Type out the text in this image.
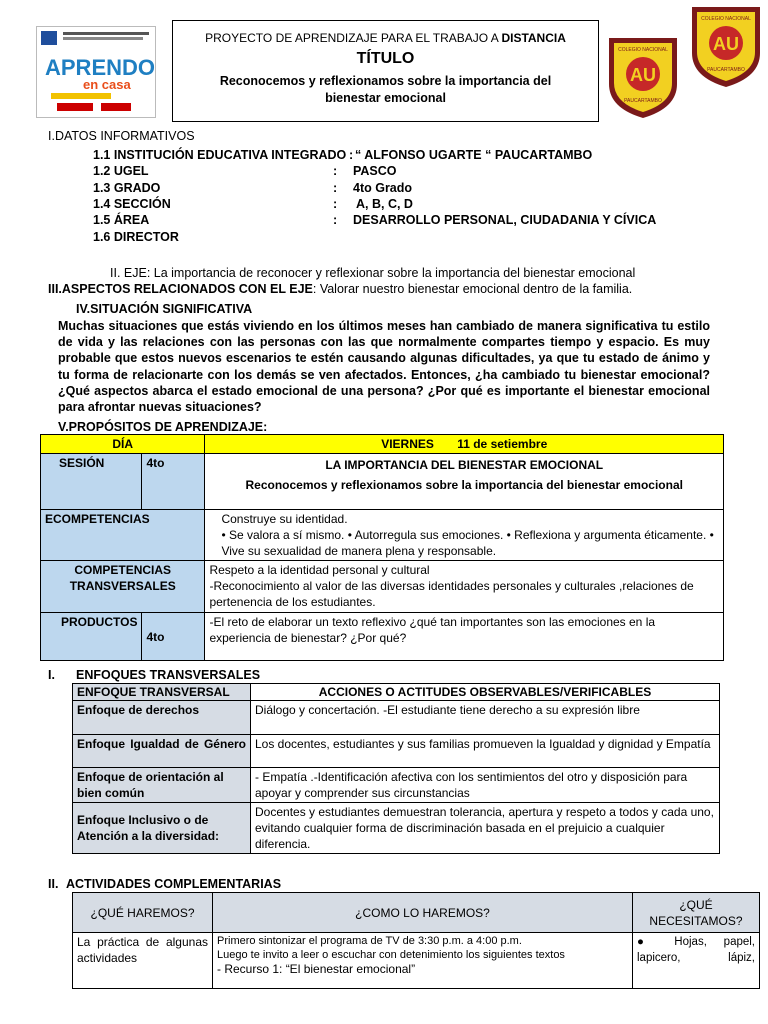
APRENDO
en casa
PROYECTO DE APRENDIZAJE PARA EL TRABAJO A DISTANCIA
TÍTULO
Reconocemos y reflexionamos sobre la importancia del bienestar emocional
AU
COLEGIO NACIONAL
PAUCARTAMBO
AU
COLEGIO NACIONAL
PAUCARTAMBO
I.DATOS INFORMATIVOS
1.1 INSTITUCIÓN EDUCATIVA INTEGRADO : “ ALFONSO UGARTE “ PAUCARTAMBO
1.2 UGEL	: PASCO
1.3 GRADO	: 4to Grado
1.4 SECCIÓN	: A, B, C, D
1.5 ÁREA	: DESARROLLO PERSONAL, CIUDADANIA Y CÍVICA
1.6 DIRECTOR
II. EJE: La importancia de reconocer y reflexionar sobre la importancia del bienestar emocional
III.ASPECTOS RELACIONADOS CON EL EJE: Valorar nuestro bienestar emocional dentro de la familia.
IV.SITUACIÓN SIGNIFICATIVA
Muchas situaciones que estás viviendo en los últimos meses han cambiado de manera significativa tu estilo de vida y las relaciones con las personas con las que normalmente compartes tiempo y espacio. Es muy probable que estos nuevos escenarios te estén causando algunas dificultades, ya que tu estado de ánimo y tu forma de relacionarte con los demás se ven afectados. Entonces, ¿ha cambiado tu bienestar emocional? ¿Qué aspectos abarca el estado emocional de una persona? ¿Por qué es importante el bienestar emocional para afrontar nuevas situaciones?
V.PROPÓSITOS DE APRENDIZAJE:
DÍA		VIERNES       11 de setiembre
SESIÓN	4to	LA IMPORTANCIA DEL BIENESTAR EMOCIONAL
Reconocemos y reflexionamos sobre la importancia del bienestar emocional

ECOMPETENCIAS		Construye su identidad.
• Se valora a sí mismo. • Autorregula sus emociones. • Reflexiona y argumenta éticamente. • Vive su sexualidad de manera plena y responsable.

COMPETENCIAS TRANSVERSALES		Respeto a la identidad personal y cultural
-Reconocimiento al valor de las diversas identidades personales y culturales ,relaciones de pertenencia de los estudiantes.

PRODUCTOS	4to	-El reto de elaborar un texto reflexivo ¿qué tan importantes son las emociones en la experiencia de bienestar? ¿Por qué?
I. ENFOQUES TRANSVERSALES
ENFOQUE TRANSVERSAL	ACCIONES O ACTITUDES OBSERVABLES/VERIFICABLES
Enfoque de derechos	Diálogo y concertación. -El estudiante tiene derecho a su expresión libre
Enfoque Igualdad de Género	Los docentes, estudiantes y sus familias promueven la Igualdad y dignidad y Empatía
Enfoque de orientación al bien común	- Empatía .-Identificación afectiva con los sentimientos del otro y disposición para apoyar y comprender sus circunstancias
Enfoque Inclusivo o de Atención a la diversidad:	Docentes y estudiantes demuestran tolerancia, apertura y respeto a todos y cada uno, evitando cualquier forma de discriminación basada en el prejuicio a cualquier diferencia.
II. ACTIVIDADES COMPLEMENTARIAS
¿QUÉ HAREMOS?	¿COMO LO HAREMOS?	¿QUÉ NECESITAMOS?
La práctica de algunas actividades	Primero sintonizar el programa de TV de 3:30 p.m. a 4:00 p.m.
Luego te invito a leer o escuchar con detenimiento los siguientes textos
- Recurso 1: “El bienestar emocional”	● Hojas, papel, lapicero, lápiz,
